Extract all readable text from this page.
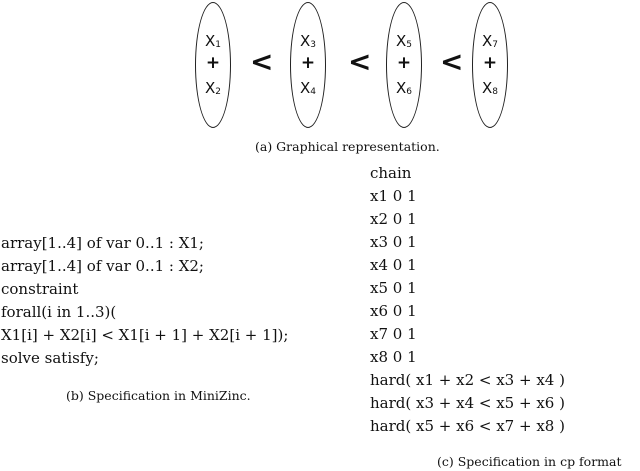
$X_1$
+
$X_2$
<
$X_3$
+
$X_4$
<
$X_5$
+
$X_6$
<
$X_7$
+
$X_8$
(a) Graphical representation.
array[1..4] of var 0..1 : X1;
array[1..4] of var 0..1 : X2;
constraint
forall(i in 1..3)(
X1[i] + X2[i] < X1[i + 1] + X2[i + 1]);
solve satisfy;
(b) Specification in MiniZinc.
chain
x1 0 1
x2 0 1
x3 0 1
x4 0 1
x5 0 1
x6 0 1
x7 0 1
x8 0 1
hard( x1 + x2 < x3 + x4 )
hard( x3 + x4 < x5 + x6 )
hard( x5 + x6 < x7 + x8 )
(c) Specification in cp format
